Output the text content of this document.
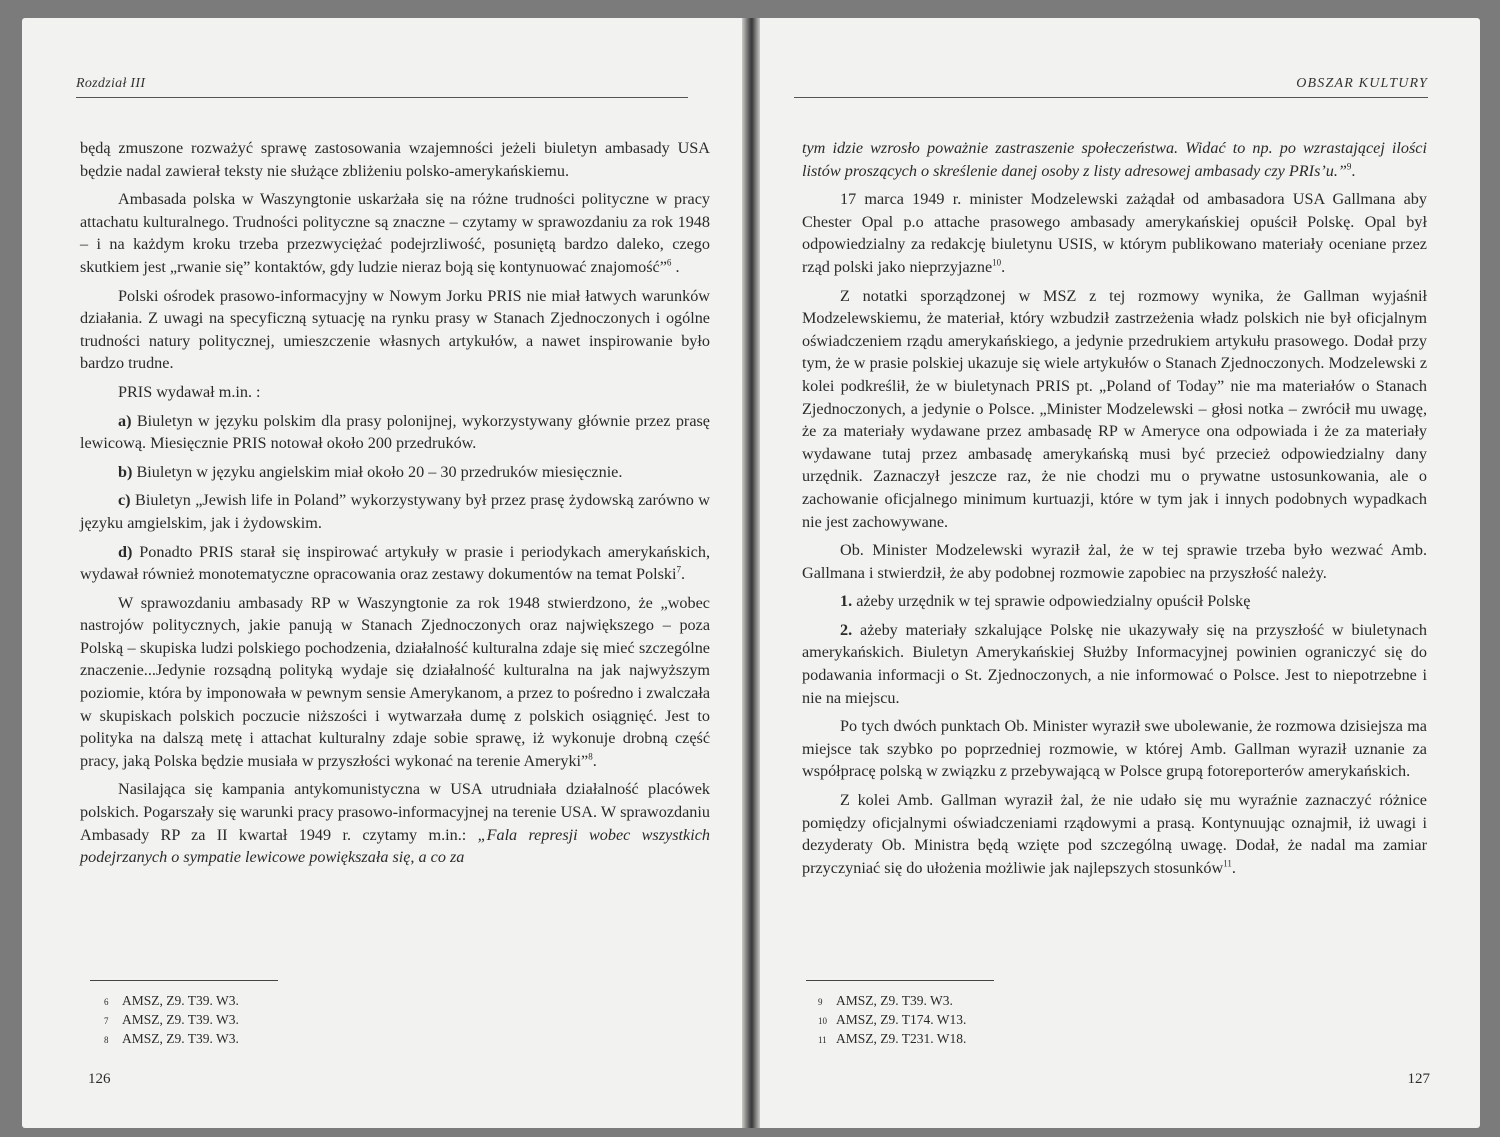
Rozdział III

będą zmuszone rozważyć sprawę zastosowania wzajemności jeżeli biuletyn ambasady USA będzie nadal zawierał teksty nie służące zbliżeniu polsko-amerykańskiemu.

Ambasada polska w Waszyngtonie uskarżała się na różne trudności polityczne w pracy attachatu kulturalnego. Trudności polityczne są znaczne – czytamy w sprawozdaniu za rok 1948 – i na każdym kroku trzeba przezwyciężać podejrzliwość, posuniętą bardzo daleko, czego skutkiem jest „rwanie się” kontaktów, gdy ludzie nieraz boją się kontynuować znajomość”$^6$ .

Polski ośrodek prasowo-informacyjny w Nowym Jorku PRIS nie miał łatwych warunków działania. Z uwagi na specyficzną sytuację na rynku prasy w Stanach Zjednoczonych i ogólne trudności natury politycznej, umieszczenie własnych artykułów, a nawet inspirowanie było bardzo trudne.

PRIS wydawał m.in. :

a) Biuletyn w języku polskim dla prasy polonijnej, wykorzystywany głównie przez prasę lewicową. Miesięcznie PRIS notował około 200 przedruków.

b) Biuletyn w języku angielskim miał około 20 – 30 przedruków miesięcznie.

c) Biuletyn „Jewish life in Poland” wykorzystywany był przez prasę żydowską zarówno w języku amgielskim, jak i żydowskim.

d) Ponadto PRIS starał się inspirować artykuły w prasie i periodykach amerykańskich, wydawał również monotematyczne opracowania oraz zestawy dokumentów na temat Polski$^7$.

W sprawozdaniu ambasady RP w Waszyngtonie za rok 1948 stwierdzono, że „wobec nastrojów politycznych, jakie panują w Stanach Zjednoczonych oraz największego – poza Polską – skupiska ludzi polskiego pochodzenia, działalność kulturalna zdaje się mieć szczególne znaczenie...Jedynie rozsądną polityką wydaje się działalność kulturalna na jak najwyższym poziomie, która by imponowała w pewnym sensie Amerykanom, a przez to pośredno i zwalczała w skupiskach polskich poczucie niższości i wytwarzała dumę z polskich osiągnięć. Jest to polityka na dalszą metę i attachat kulturalny zdaje sobie sprawę, iż wykonuje drobną część pracy, jaką Polska będzie musiała w przyszłości wykonać na terenie Ameryki”$^8$.

Nasilająca się kampania antykomunistyczna w USA utrudniała działalność placówek polskich. Pogarszały się warunki pracy prasowo-informacyjnej na terenie USA. W sprawozdaniu Ambasady RP za II kwartał 1949 r. czytamy m.in.: „Fala represji wobec wszystkich podejrzanych o sympatie lewicowe powiększała się, a co za

6	AMSZ, Z9. T39. W3.
7	AMSZ, Z9. T39. W3.
8	AMSZ, Z9. T39. W3.
126
OBSZAR KULTURY

tym idzie wzrosło poważnie zastraszenie społeczeństwa. Widać to np. po wzrastającej ilości listów proszących o skreślenie danej osoby z listy adresowej ambasady czy PRIs’u.”$^9$.

17 marca 1949 r. minister Modzelewski zażądał od ambasadora USA Gallmana aby Chester Opal p.o attache prasowego ambasady amerykańskiej opuścił Polskę. Opal był odpowiedzialny za redakcję biuletynu USIS, w którym publikowano materiały oceniane przez rząd polski jako nieprzyjazne$^{10}$.

Z notatki sporządzonej w MSZ z tej rozmowy wynika, że Gallman wyjaśnił Modzelewskiemu, że materiał, który wzbudził zastrzeżenia władz polskich nie był oficjalnym oświadczeniem rządu amerykańskiego, a jedynie przedrukiem artykułu prasowego. Dodał przy tym, że w prasie polskiej ukazuje się wiele artykułów o Stanach Zjednoczonych. Modzelewski z kolei podkreślił, że w biuletynach PRIS pt. „Poland of Today” nie ma materiałów o Stanach Zjednoczonych, a jedynie o Polsce. „Minister Modzelewski – głosi notka – zwrócił mu uwagę, że za materiały wydawane przez ambasadę RP w Ameryce ona odpowiada i że za materiały wydawane tutaj przez ambasadę amerykańską musi być przecież odpowiedzialny dany urzędnik. Zaznaczył jeszcze raz, że nie chodzi mu o prywatne ustosunkowania, ale o zachowanie oficjalnego minimum kurtuazji, które w tym jak i innych podobnych wypadkach nie jest zachowywane.

Ob. Minister Modzelewski wyraził żal, że w tej sprawie trzeba było wezwać Amb. Gallmana i stwierdził, że aby podobnej rozmowie zapobiec na przyszłość należy.

1. ażeby urzędnik w tej sprawie odpowiedzialny opuścił Polskę

2. ażeby materiały szkalujące Polskę nie ukazywały się na przyszłość w biuletynach amerykańskich. Biuletyn Amerykańskiej Służby Informacyjnej powinien ograniczyć się do podawania informacji o St. Zjednoczonych, a nie informować o Polsce. Jest to niepotrzebne i nie na miejscu.

Po tych dwóch punktach Ob. Minister wyraził swe ubolewanie, że rozmowa dzisiejsza ma miejsce tak szybko po poprzedniej rozmowie, w której Amb. Gallman wyraził uznanie za współpracę polską w związku z przebywającą w Polsce grupą fotoreporterów amerykańskich.

Z kolei Amb. Gallman wyraził żal, że nie udało się mu wyraźnie zaznaczyć różnice pomiędzy oficjalnymi oświadczeniami rządowymi a prasą. Kontynuując oznajmił, iż uwagi i dezyderaty Ob. Ministra będą wzięte pod szczególną uwagę. Dodał, że nadal ma zamiar przyczyniać się do ułożenia możliwie jak najlepszych stosunków$^{11}$.

9	AMSZ, Z9. T39. W3.
10 AMSZ, Z9. T174. W13.
11 AMSZ, Z9. T231. W18.
127
